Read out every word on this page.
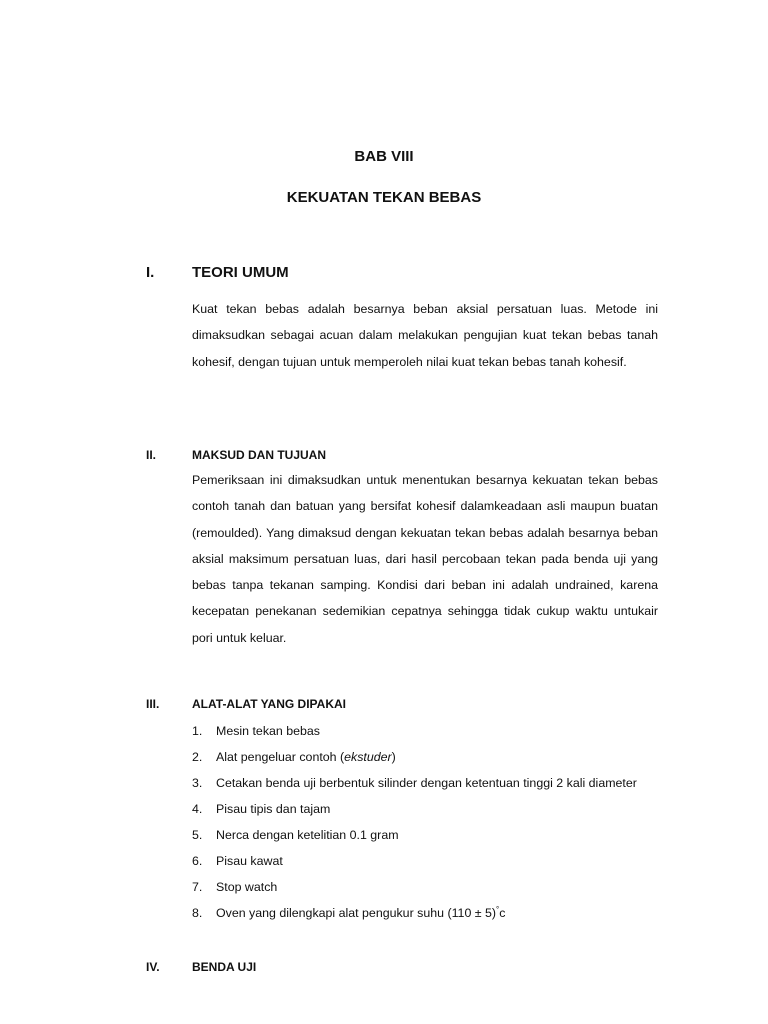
BAB VIII
KEKUATAN TEKAN BEBAS
I.	TEORI UMUM

Kuat tekan bebas adalah besarnya beban aksial persatuan luas. Metode ini dimaksudkan sebagai acuan dalam melakukan pengujian kuat tekan bebas tanah kohesif, dengan tujuan untuk memperoleh nilai kuat tekan bebas tanah kohesif.

II.	MAKSUD DAN TUJUAN

Pemeriksaan ini dimaksudkan untuk menentukan besarnya kekuatan tekan bebas contoh tanah dan batuan yang bersifat kohesif dalamkeadaan asli maupun buatan (remoulded). Yang dimaksud dengan kekuatan tekan bebas adalah besarnya beban aksial maksimum persatuan luas, dari hasil percobaan tekan pada benda uji yang bebas tanpa tekanan samping. Kondisi dari beban ini adalah undrained, karena kecepatan penekanan sedemikian cepatnya sehingga tidak cukup waktu untukair pori untuk keluar.

III.	ALAT-ALAT YANG DIPAKAI
1.	Mesin tekan bebas
2.	Alat pengeluar contoh (ekstuder)
3.	Cetakan benda uji berbentuk silinder dengan ketentuan tinggi 2 kali diameter
4.	Pisau tipis dan tajam
5.	Nerca dengan ketelitian 0.1 gram
6.	Pisau kawat
7.	Stop watch
8.	Oven yang dilengkapi alat pengukur suhu (110 ± 5)°c
IV.	BENDA UJI
